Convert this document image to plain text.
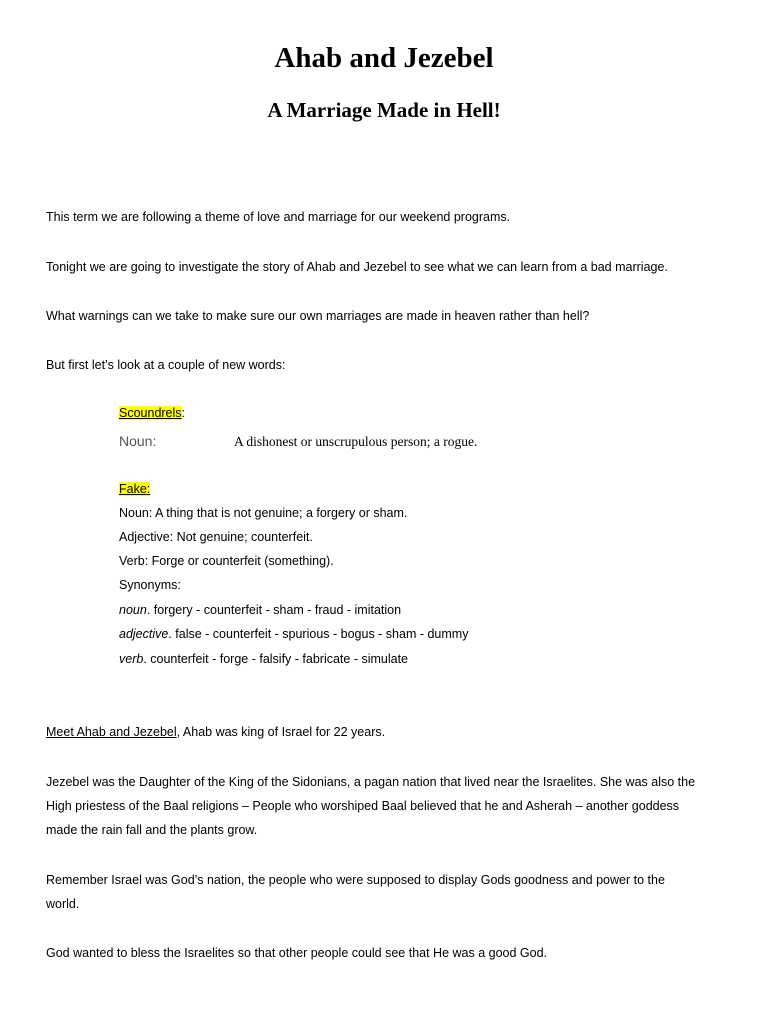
Ahab and Jezebel
A Marriage Made in Hell!

This term we are following a theme of love and marriage for our weekend programs.

Tonight we are going to investigate the story of Ahab and Jezebel to see what we can learn from a bad marriage.

What warnings can we take to make sure our own marriages are made in heaven rather than hell?

But first let’s look at a couple of new words:

Scoundrels:

Noun:	A dishonest or unscrupulous person; a rogue.

Fake:

Noun: A thing that is not genuine; a forgery or sham.

Adjective: Not genuine; counterfeit.

Verb: Forge or counterfeit (something).

Synonyms:

noun. forgery - counterfeit - sham - fraud - imitation

adjective. false - counterfeit - spurious - bogus - sham - dummy

verb. counterfeit - forge - falsify - fabricate - simulate

Meet Ahab and Jezebel, Ahab was king of Israel for 22 years.

Jezebel was the Daughter of the King of the Sidonians, a pagan nation that lived near the Israelites. She was also the

High priestess of the Baal religions – People who worshiped Baal believed that he and Asherah – another goddess

made the rain fall and the plants grow.

Remember Israel was God’s nation, the people who were supposed to display Gods goodness and power to the

world.

God wanted to bless the Israelites so that other people could see that He was a good God.
